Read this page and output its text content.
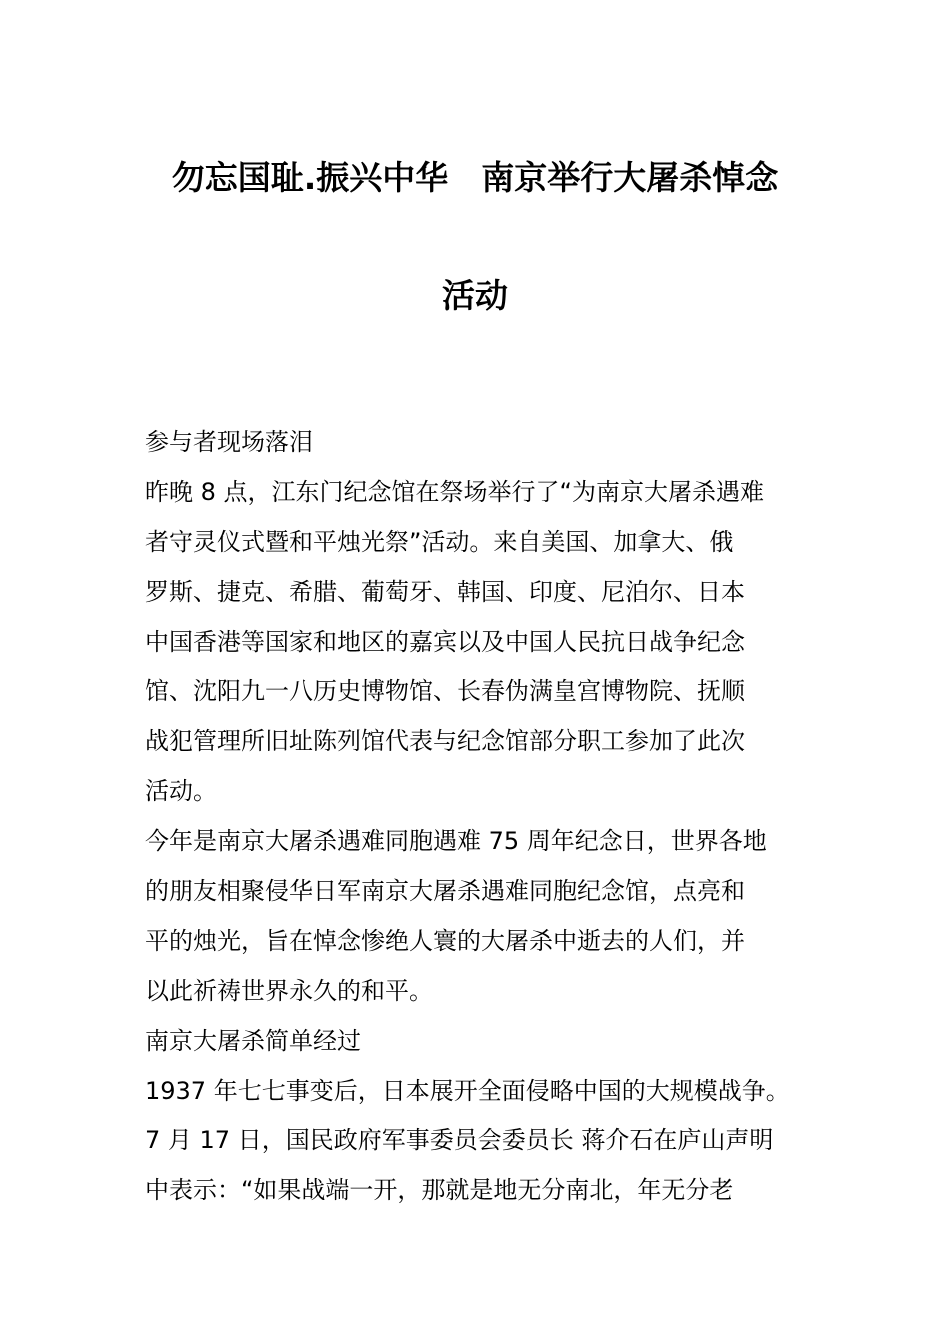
勿忘国耻.振兴中华　南京举行大屠杀悼念
活动
参与者现场落泪
昨晚 8 点，江东门纪念馆在祭场举行了“为南京大屠杀遇难
者守灵仪式暨和平烛光祭”活动。来自美国、加拿大、俄
罗斯、捷克、希腊、葡萄牙、韩国、印度、尼泊尔、日本
中国香港等国家和地区的嘉宾以及中国人民抗日战争纪念
馆、沈阳九一八历史博物馆、长春伪满皇宫博物院、抚顺
战犯管理所旧址陈列馆代表与纪念馆部分职工参加了此次
活动。
今年是南京大屠杀遇难同胞遇难 75 周年纪念日，世界各地
的朋友相聚侵华日军南京大屠杀遇难同胞纪念馆，点亮和
平的烛光，旨在悼念惨绝人寰的大屠杀中逝去的人们，并
以此祈祷世界永久的和平。
南京大屠杀简单经过
1937 年七七事变后，日本展开全面侵略中国的大规模战争。
7 月 17 日，国民政府军事委员会委员长 蒋介石在庐山声明
中表示：“如果战端一开，那就是地无分南北，年无分老
